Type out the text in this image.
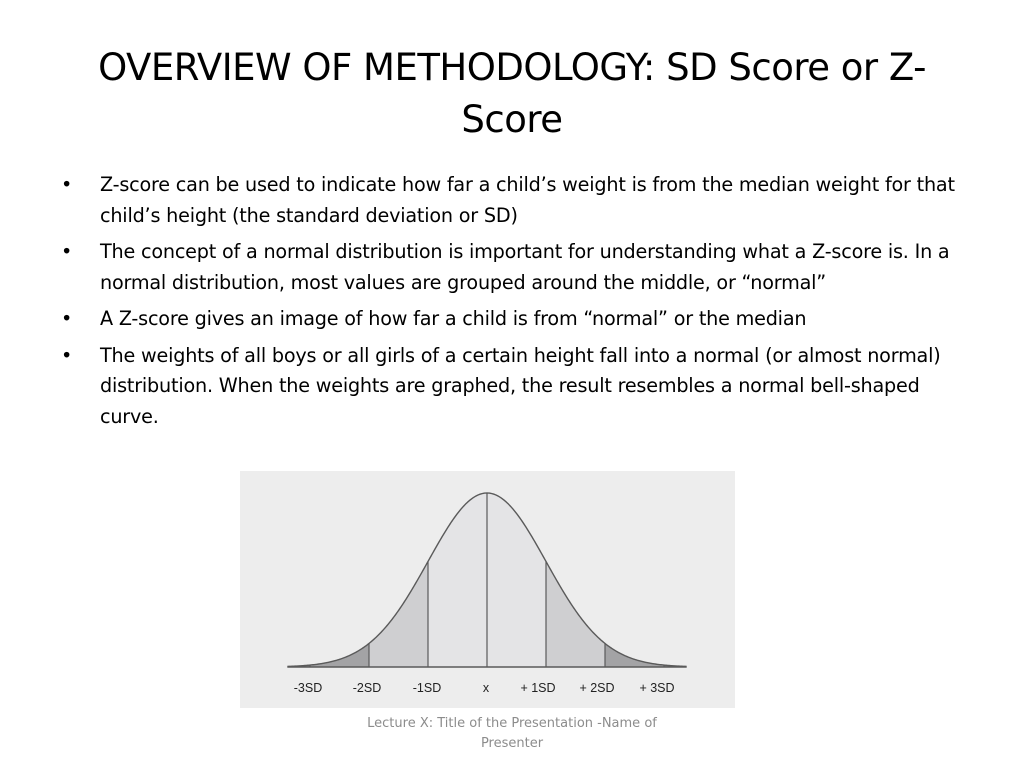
OVERVIEW OF METHODOLOGY: SD Score or Z-Score
•	Z-score can be used to indicate how far a child’s weight is from the median weight for that child’s height (the standard deviation or SD)
•	The concept of a normal distribution is important for understanding what a Z-score is. In a normal distribution, most values are grouped around the middle, or “normal”
•	A Z-score gives an image of how far a child is from “normal” or the median
•	The weights of all boys or all girls of a certain height fall into a normal (or almost normal) distribution. When the weights are graphed, the result resembles a normal bell-shaped curve.
-3SD -2SD	-1SD	x	+ 1SD + 2SD + 3SD
Lecture X: Title of the Presentation -Name of Presenter
